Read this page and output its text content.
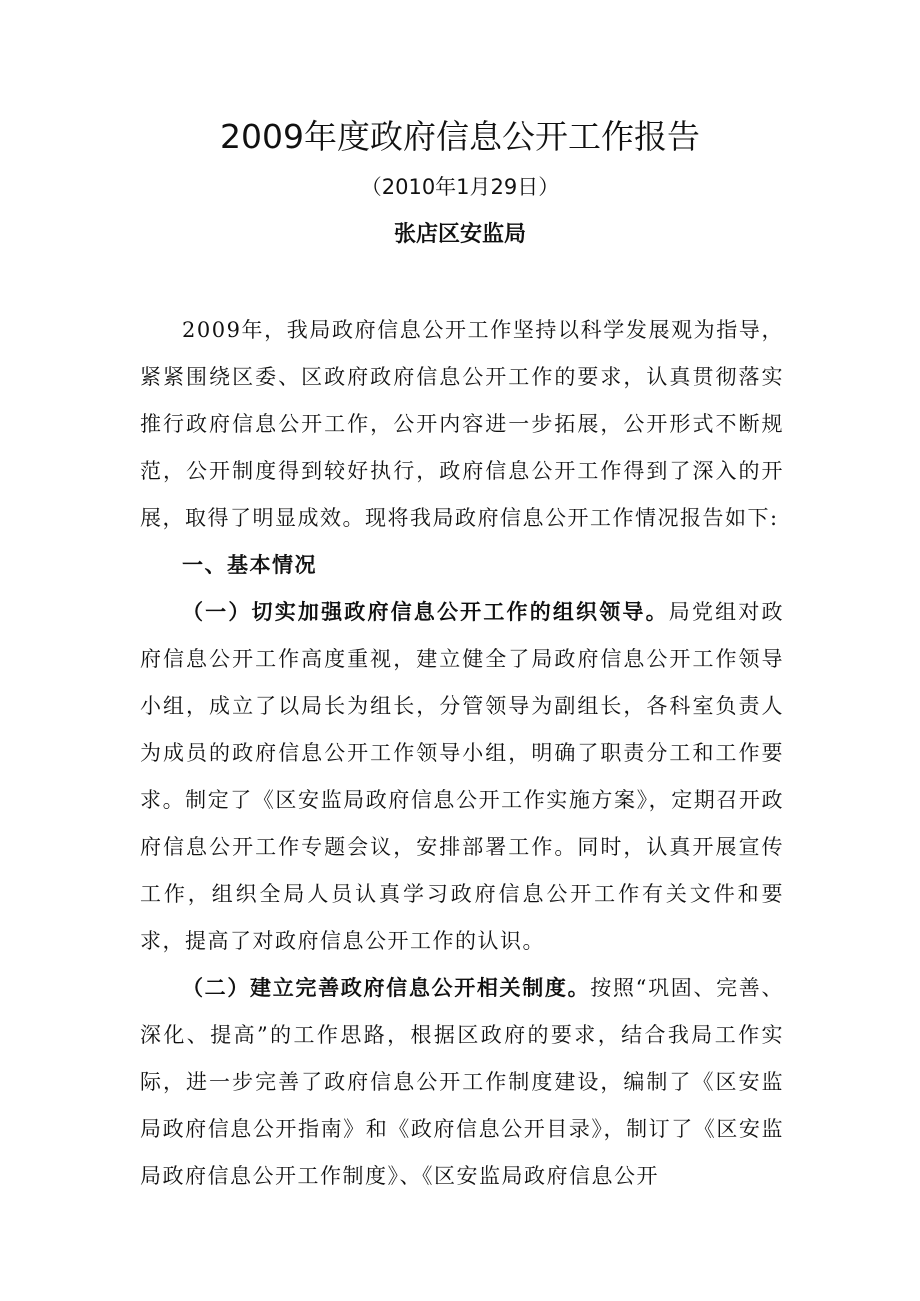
2009年度政府信息公开工作报告
（2010年1月29日）
张店区安监局

2009年，我局政府信息公开工作坚持以科学发展观为指导，紧紧围绕区委、区政府政府信息公开工作的要求，认真贯彻落实推行政府信息公开工作，公开内容进一步拓展，公开形式不断规范，公开制度得到较好执行，政府信息公开工作得到了深入的开展，取得了明显成效。现将我局政府信息公开工作情况报告如下:

一、基本情况

（一）切实加强政府信息公开工作的组织领导。局党组对政府信息公开工作高度重视，建立健全了局政府信息公开工作领导小组，成立了以局长为组长，分管领导为副组长，各科室负责人为成员的政府信息公开工作领导小组，明确了职责分工和工作要求。制定了《区安监局政府信息公开工作实施方案》，定期召开政府信息公开工作专题会议，安排部署工作。同时，认真开展宣传工作，组织全局人员认真学习政府信息公开工作有关文件和要求，提高了对政府信息公开工作的认识。

（二）建立完善政府信息公开相关制度。按照“巩固、完善、深化、提高”的工作思路，根据区政府的要求，结合我局工作实际，进一步完善了政府信息公开工作制度建设，编制了《区安监局政府信息公开指南》和《政府信息公开目录》，制订了《区安监局政府信息公开工作制度》、《区安监局政府信息公开
